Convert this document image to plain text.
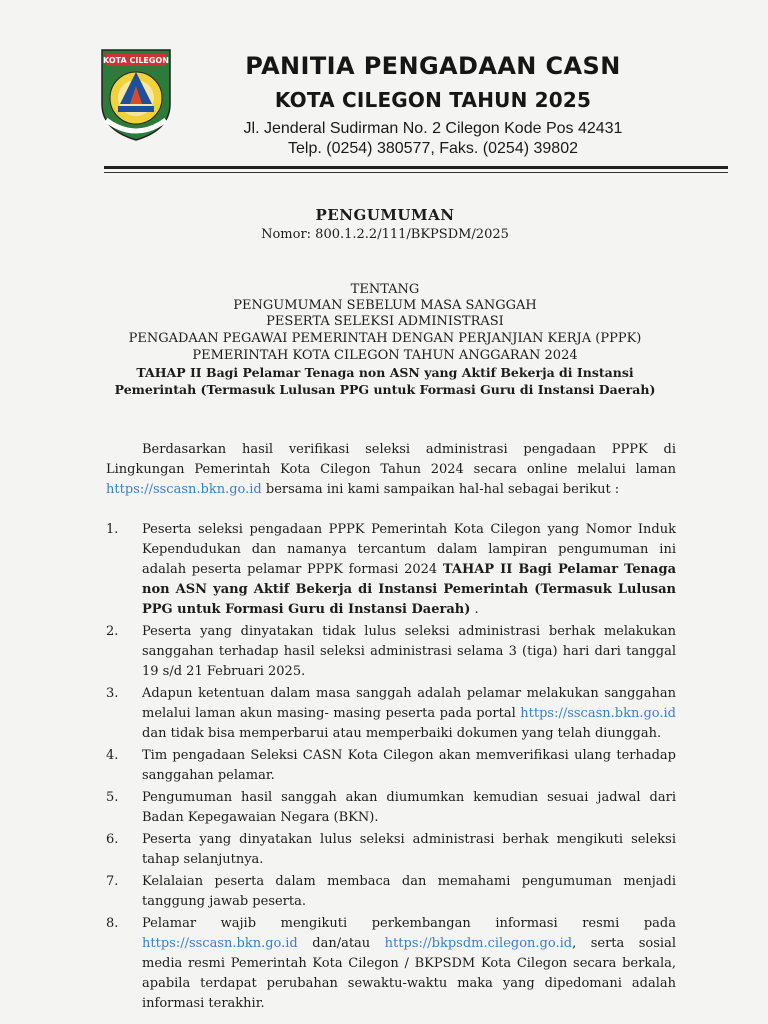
KOTA CILEGON	PANITIA PENGADAAN CASN
KOTA CILEGON TAHUN 2025
Jl. Jenderal Sudirman No. 2 Cilegon Kode Pos 42431
Telp. (0254) 380577, Faks. (0254) 39802
PENGUMUMAN
Nomor: 800.1.2.2/111/BKPSDM/2025
TENTANG
PENGUMUMAN SEBELUM MASA SANGGAH
PESERTA SELEKSI ADMINISTRASI
PENGADAAN PEGAWAI PEMERINTAH DENGAN PERJANJIAN KERJA (PPPK)
PEMERINTAH KOTA CILEGON TAHUN ANGGARAN 2024
TAHAP II Bagi Pelamar Tenaga non ASN yang Aktif Bekerja di Instansi
Pemerintah (Termasuk Lulusan PPG untuk Formasi Guru di Instansi Daerah)
Berdasarkan hasil verifikasi seleksi administrasi pengadaan PPPK di Lingkungan Pemerintah Kota Cilegon Tahun 2024 secara online melalui laman https://sscasn.bkn.go.id bersama ini kami sampaikan hal-hal sebagai berikut :
1.	Peserta seleksi pengadaan PPPK Pemerintah Kota Cilegon yang Nomor Induk Kependudukan dan namanya tercantum dalam lampiran pengumuman ini adalah peserta pelamar PPPK formasi 2024 TAHAP II Bagi Pelamar Tenaga non ASN yang Aktif Bekerja di Instansi Pemerintah (Termasuk Lulusan PPG untuk Formasi Guru di Instansi Daerah) .
2.	Peserta yang dinyatakan tidak lulus seleksi administrasi berhak melakukan sanggahan terhadap hasil seleksi administrasi selama 3 (tiga) hari dari tanggal 19 s/d 21 Februari 2025.
3.	Adapun ketentuan dalam masa sanggah adalah pelamar melakukan sanggahan melalui laman akun masing- masing peserta pada portal https://sscasn.bkn.go.id dan tidak bisa memperbarui atau memperbaiki dokumen yang telah diunggah.
4.	Tim pengadaan Seleksi CASN Kota Cilegon akan memverifikasi ulang terhadap sanggahan pelamar.
5.	Pengumuman hasil sanggah akan diumumkan kemudian sesuai jadwal dari Badan Kepegawaian Negara (BKN).
6.	Peserta yang dinyatakan lulus seleksi administrasi berhak mengikuti seleksi tahap selanjutnya.
7.	Kelalaian peserta dalam membaca dan memahami pengumuman menjadi tanggung jawab peserta.
8.	Pelamar wajib mengikuti perkembangan informasi resmi pada https://sscasn.bkn.go.id dan/atau https://bkpsdm.cilegon.go.id, serta sosial media resmi Pemerintah Kota Cilegon / BKPSDM Kota Cilegon secara berkala, apabila terdapat perubahan sewaktu-waktu maka yang dipedomani adalah informasi terakhir.
